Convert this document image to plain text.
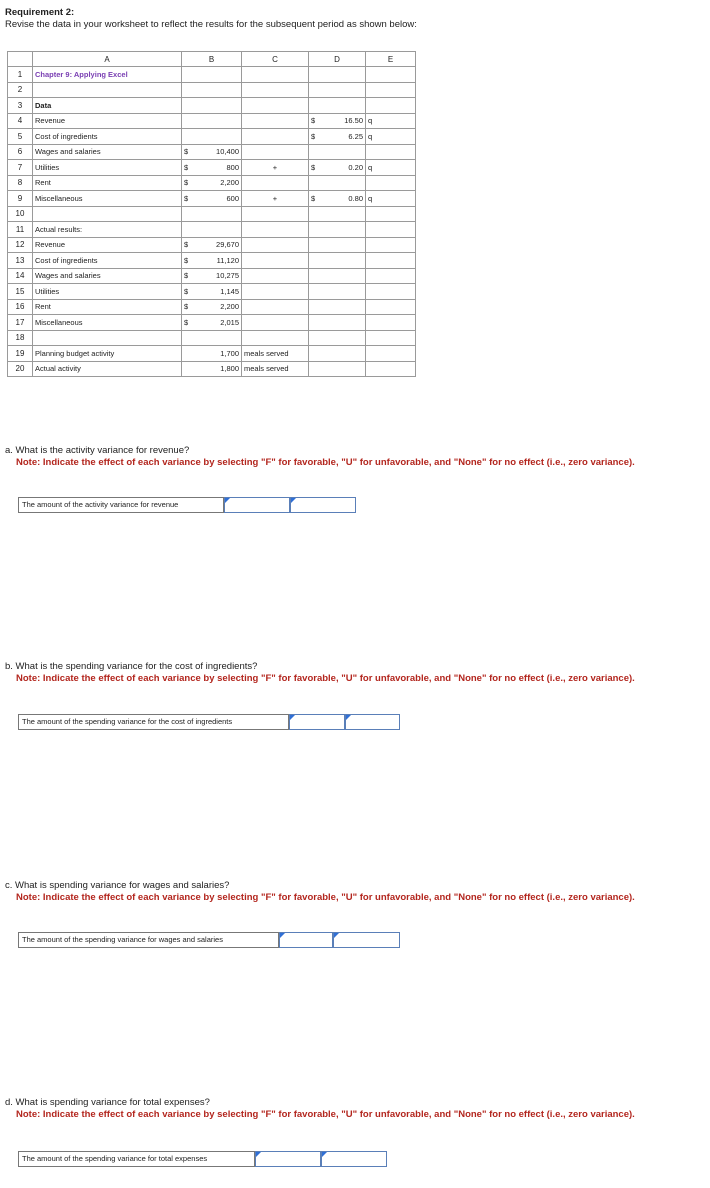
Requirement 2:
Revise the data in your worksheet to reflect the results for the subsequent period as shown below:
	A	B	C	D	E
1	Chapter 9: Applying Excel	

2		

3	Data	

4	Revenue			$ 16.50	q
5	Cost of ingredients			$ 6.25	q
6	Wages and salaries	$ 10,400		

7	Utilities	$ 800	+	$ 0.20	q
8	Rent	$ 2,200		

9	Miscellaneous	$ 600	+	$ 0.80	q
10		

11	Actual results:	

12	Revenue	$ 29,670		

13	Cost of ingredients	$ 11,120		

14	Wages and salaries	$ 10,275		

15	Utilities	$ 1,145		

16	Rent	$ 2,200		

17	Miscellaneous	$ 2,015		

18		

19	Planning budget activity	1,700	meals served	

20	Actual activity	1,800	meals served	

a. What is the activity variance for revenue?
Note: Indicate the effect of each variance by selecting "F" for favorable, "U" for unfavorable, and "None" for no effect (i.e., zero variance).
The amount of the activity variance for revenue
b. What is the spending variance for the cost of ingredients?
Note: Indicate the effect of each variance by selecting "F" for favorable, "U" for unfavorable, and "None" for no effect (i.e., zero variance).
The amount of the spending variance for the cost of ingredients
c. What is spending variance for wages and salaries?
Note: Indicate the effect of each variance by selecting "F" for favorable, "U" for unfavorable, and "None" for no effect (i.e., zero variance).
The amount of the spending variance for wages and salaries
d. What is spending variance for total expenses?
Note: Indicate the effect of each variance by selecting "F" for favorable, "U" for unfavorable, and "None" for no effect (i.e., zero variance).
The amount of the spending variance for total expenses
